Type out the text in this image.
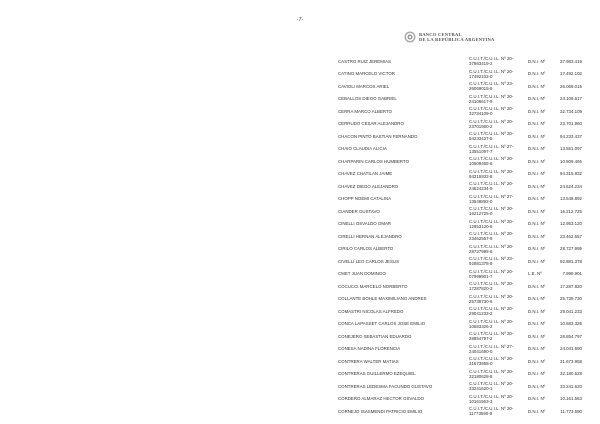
-7-
BANCO CENTRAL
DE LA REPÚBLICA ARGENTINA
CASTRO RUIZ JEREMIAS	C.U.I.T./C.U.I.L. Nº 20-37983419-2	D.N.I. Nº	37.983.419
CATINO MARCELO VICTOR	C.U.I.T./C.U.I.L. Nº 20-17492102-0	D.N.I. Nº	17.492.102
CAVIOLI MARCOS ARIEL	C.U.I.T./C.U.I.L. Nº 23-26069015-9	D.N.I. Nº	26.069.015
CEBALLOS DIEGO GABRIEL	C.U.I.T./C.U.I.L. Nº 20-24106617-9	D.N.I. Nº	24.106.617
CERRA MARCO ALBERTO	C.U.I.T./C.U.I.L. Nº 20-32734109-0	D.N.I. Nº	32.734.109
CERRUDO CESAR ALEJANDRO	C.U.I.T./C.U.I.L. Nº 20-23701960-2	D.N.I. Nº	23.701.960
CHACON PINTO BASTIAN FERNANDO	C.U.I.T./C.U.I.L. Nº 20-94233437-5	D.N.I. Nº	94.233.437
CHAIO CLAUDIA ALICIA	C.U.I.T./C.U.I.L. Nº 27-13551097-7	D.N.I. Nº	13.551.097
CHARPARIN CARLOS HUMBERTO	C.U.I.T./C.U.I.L. Nº 20-10509465-6	D.N.I. Nº	10.509.465
CHAVEZ CHATILAN JAIME	C.U.I.T./C.U.I.L. Nº 20-94315932-8	D.N.I. Nº	94.315.932
CHAVEZ DIEGO ALEJANDRO	C.U.I.T./C.U.I.L. Nº 20-24624234-9	D.N.I. Nº	24.624.234
CHOPP NOEMI CATALINA	C.U.I.T./C.U.I.L. Nº 27-13548892-0	D.N.I. Nº	13.548.892
CIANDER GUSTAVO	C.U.I.T./C.U.I.L. Nº 20-16212725-0	D.N.I. Nº	16.212.725
CINELLI OSVALDO OMAR	C.U.I.T./C.U.I.L. Nº 20-12953120-6	D.N.I. Nº	12.953.120
CIRELLI HERNAN ALEJANDRO	C.U.I.T./C.U.I.L. Nº 20-23462557-9	D.N.I. Nº	23.462.557
CIRILO CARLOS ALBERTO	C.U.I.T./C.U.I.L. Nº 20-28727995-6	D.N.I. Nº	28.727.995
CIVELLI LEO CARLOS JESUS	C.U.I.T./C.U.I.L. Nº 23-92881378-9	D.N.I. Nº	92.881.378
CMET JUAN DOMINGO	C.U.I.T./C.U.I.L. Nº 20-07999901-7	L.E. Nº	7.999.901
COCUCCI MARCELO NORBERTO	C.U.I.T./C.U.I.L. Nº 20-17287820-3	D.N.I. Nº	17.287.820
COLLANTE BOHLE MAXIMILIANO ANDRES	C.U.I.T./C.U.I.L. Nº 20-25739730-6	D.N.I. Nº	25.739.730
COMASTRI NICOLAS ALFREDO	C.U.I.T./C.U.I.L. Nº 20-29041233-2	D.N.I. Nº	29.041.233
CONCA LAPASSET CARLOS JOSE EMILIO	C.U.I.T./C.U.I.L. Nº 20-10683326-2	D.N.I. Nº	10.683.326
CONEJERO SEBASTIAN EDUARDO	C.U.I.T./C.U.I.L. Nº 20-28854797-2	D.N.I. Nº	28.854.797
CONESA NADINA FLORENCIA	C.U.I.T./C.U.I.L. Nº 27-24041690-0	D.N.I. Nº	24.041.690
CONTRERA WALTER MATIAS	C.U.I.T./C.U.I.L. Nº 20-31673958-0	D.N.I. Nº	31.673.958
CONTRERAS GUILLERMO EZEQUIEL	C.U.I.T./C.U.I.L. Nº 20-32180628-8	D.N.I. Nº	32.180.628
CONTRERAS LEDESMA FACUNDO GUSTAVO	C.U.I.T./C.U.I.L. Nº 20-33241620-1	D.N.I. Nº	33.241.620
CORDERO ALMARAZ HECTOR OSVALDO	C.U.I.T./C.U.I.L. Nº 20-10161563-3	D.N.I. Nº	10.161.563
CORNEJO ISASMENDI PATRICIO EMILIO	C.U.I.T./C.U.I.L. Nº 20-11773590-9	D.N.I. Nº	11.773.590
